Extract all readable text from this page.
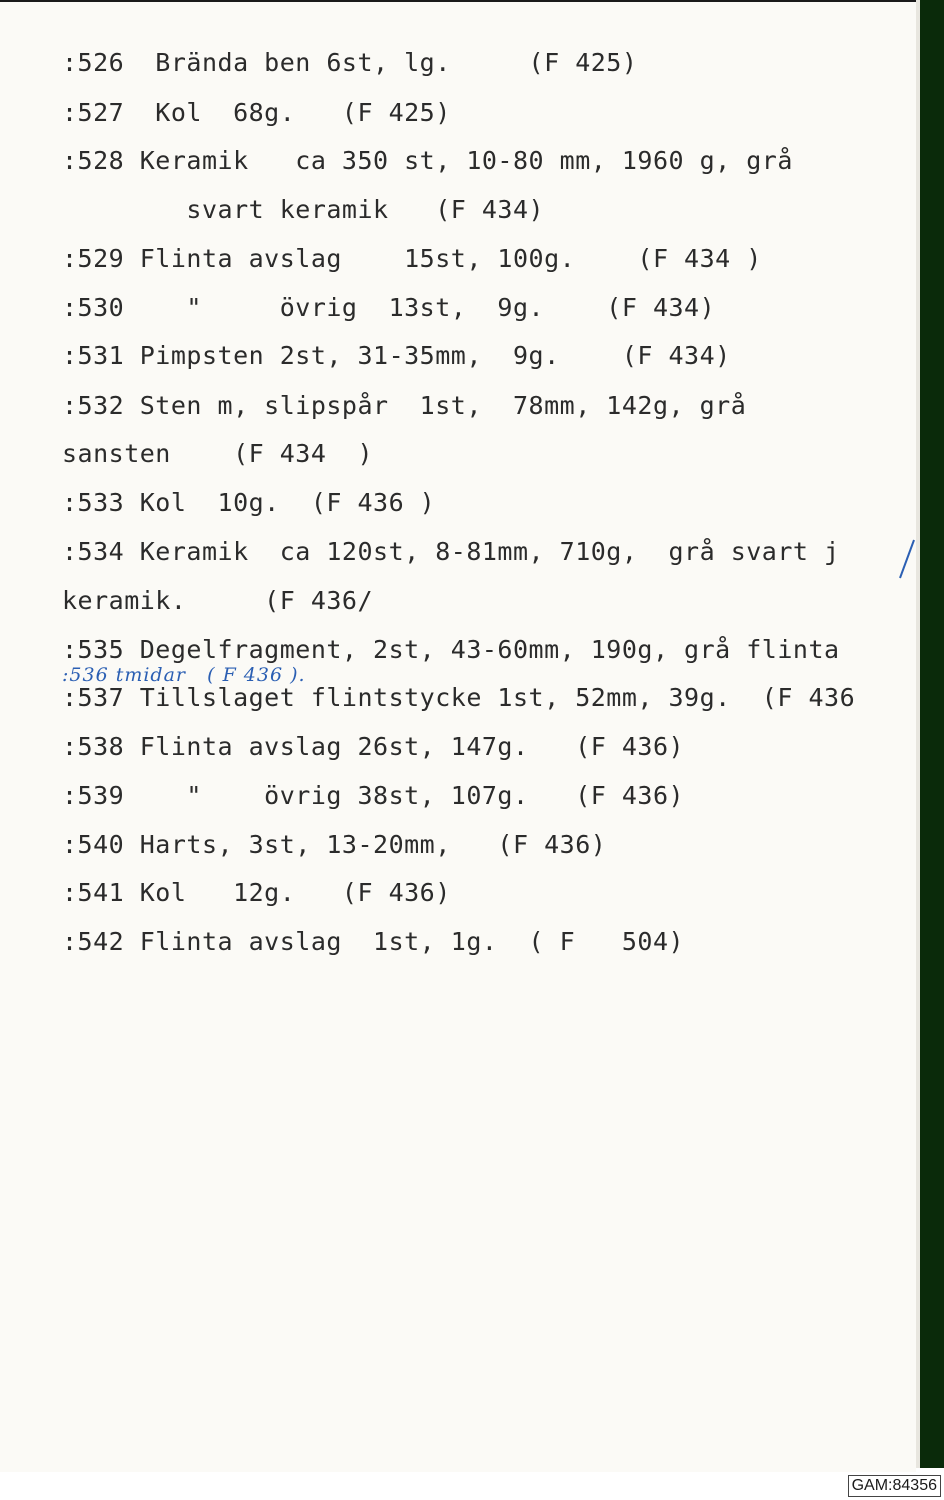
:526  Brända ben 6st, lg.     (F 425)
:527  Kol  68g.   (F 425)
:528 Keramik   ca 350 st, 10-80 mm, 1960 g, grå
svart keramik   (F 434)
:529 Flinta avslag    15st, 100g.    (F 434 )
:530    "     övrig  13st,  9g.    (F 434)
:531 Pimpsten 2st, 31-35mm,  9g.    (F 434)
:532 Sten m, slipspår  1st,  78mm, 142g, grå
sansten    (F 434  )
:533 Kol  10g.  (F 436 )
:534 Keramik  ca 120st, 8-81mm, 710g,  grå svart j
keramik.     (F 436/
:535 Degelfragment, 2st, 43-60mm, 190g, grå flinta
:536 tmidar   ( F 436 ).
:537 Tillslaget flintstycke 1st, 52mm, 39g.  (F 436
:538 Flinta avslag 26st, 147g.   (F 436)
:539    "    övrig 38st, 107g.   (F 436)
:540 Harts, 3st, 13-20mm,   (F 436)
:541 Kol   12g.   (F 436)
:542 Flinta avslag  1st, 1g.  ( F   504)
GAM:84356
